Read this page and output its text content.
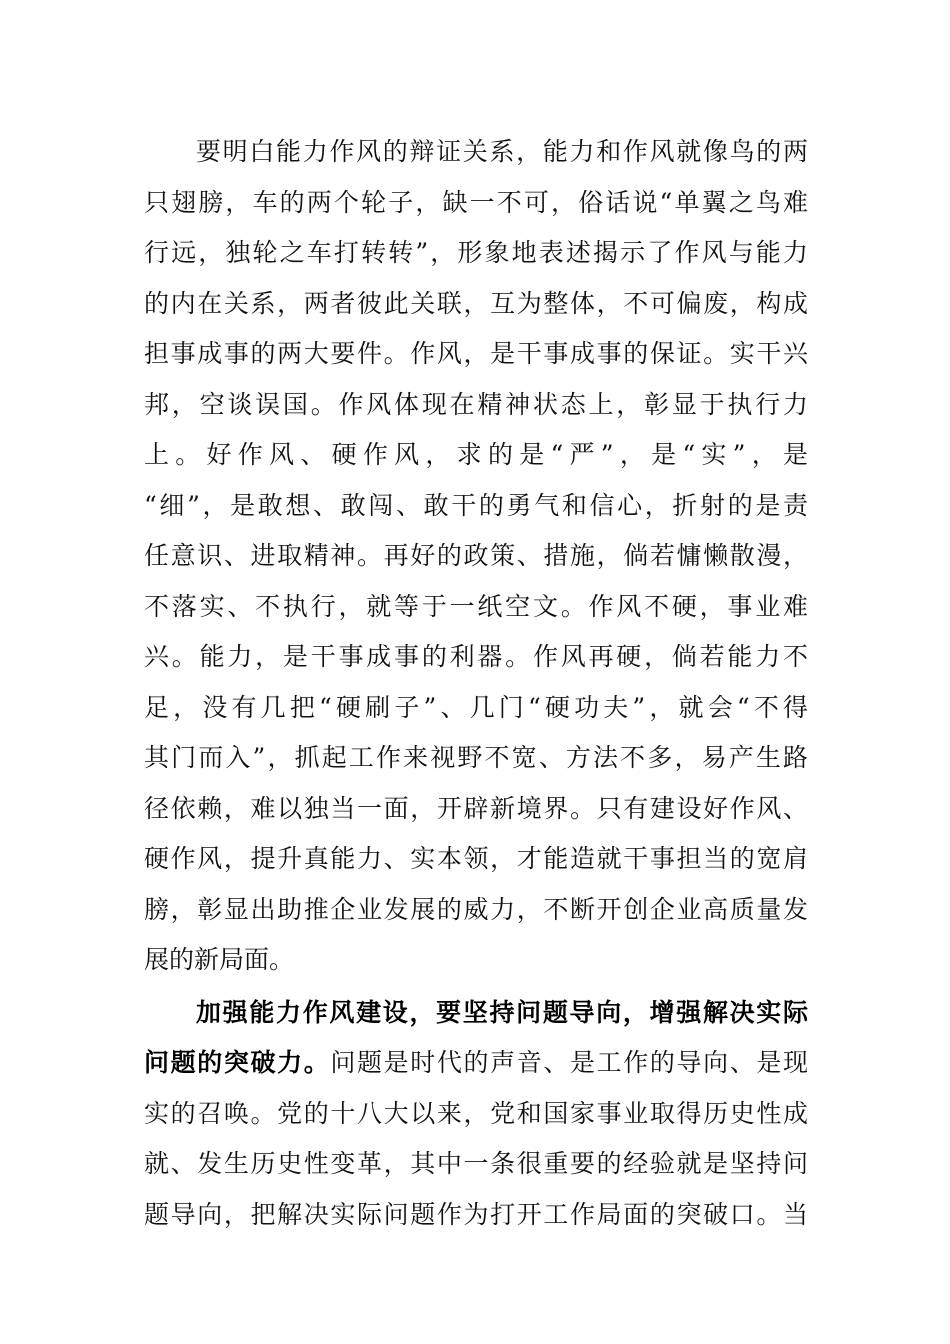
要明白能力作风的辩证关系，能力和作风就像鸟的两
只翅膀，车的两个轮子，缺一不可，俗话说“单翼之鸟难
行远，独轮之车打转转”，形象地表述揭示了作风与能力
的内在关系，两者彼此关联，互为整体，不可偏废，构成
担事成事的两大要件。作风，是干事成事的保证。实干兴
邦，空谈误国。作风体现在精神状态上，彰显于执行力
上。好作风、硬作风，求的是“严”，是“实”，是
“细”，是敢想、敢闯、敢干的勇气和信心，折射的是责
任意识、进取精神。再好的政策、措施，倘若慵懒散漫，
不落实、不执行，就等于一纸空文。作风不硬，事业难
兴。能力，是干事成事的利器。作风再硬，倘若能力不
足，没有几把“硬刷子”、几门“硬功夫”，就会“不得
其门而入”，抓起工作来视野不宽、方法不多，易产生路
径依赖，难以独当一面，开辟新境界。只有建设好作风、
硬作风，提升真能力、实本领，才能造就干事担当的宽肩
膀，彰显出助推企业发展的威力，不断开创企业高质量发
展的新局面。
加强能力作风建设，要坚持问题导向，增强解决实际
问题的突破力。问题是时代的声音、是工作的导向、是现
实的召唤。党的十八大以来，党和国家事业取得历史性成
就、发生历史性变革，其中一条很重要的经验就是坚持问
题导向，把解决实际问题作为打开工作局面的突破口。当
